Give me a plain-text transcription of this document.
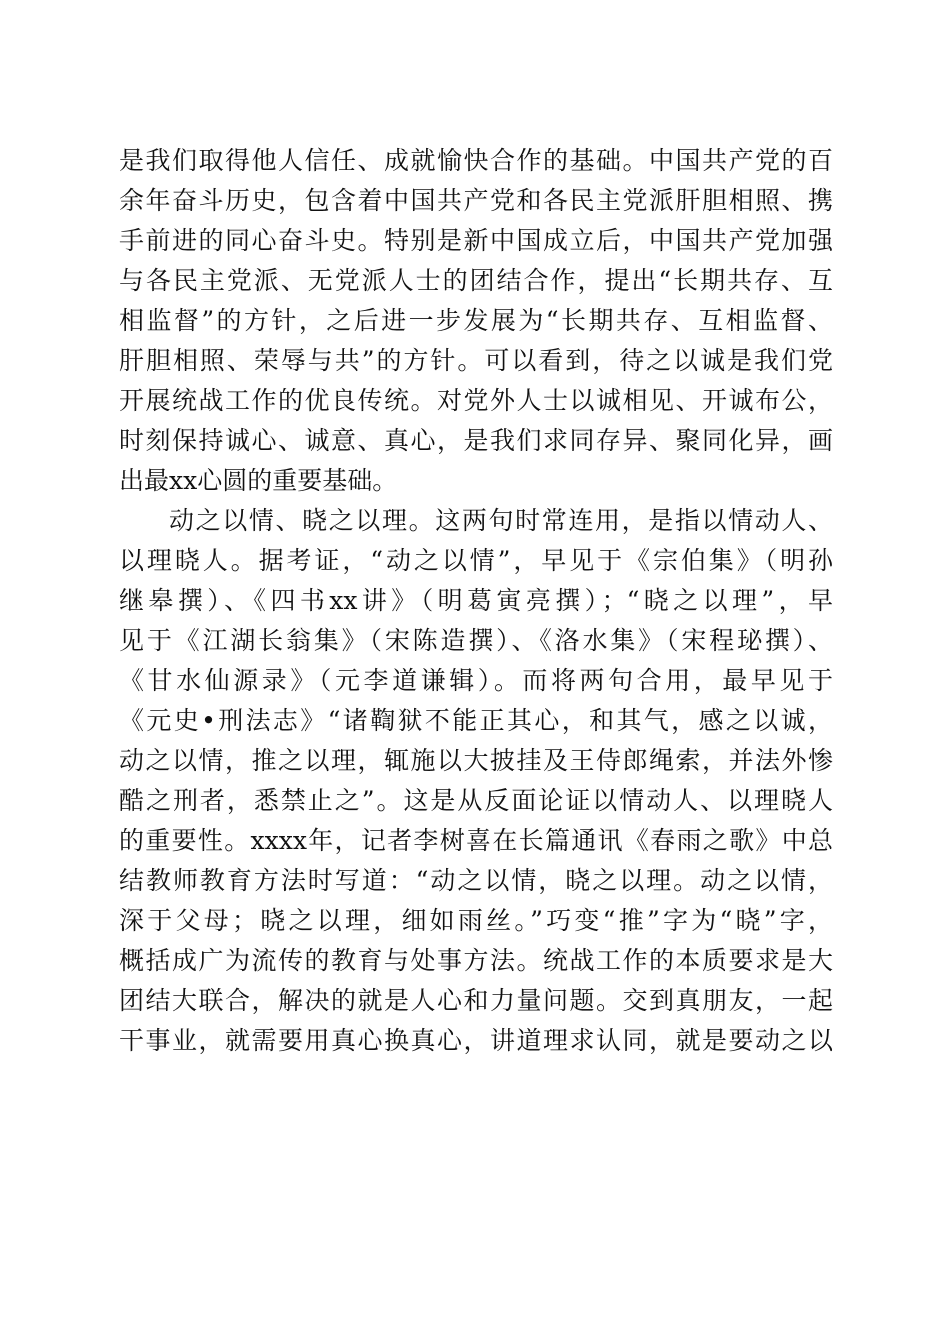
是我们取得他人信任、成就愉快合作的基础。中国共产党的百
余年奋斗历史，包含着中国共产党和各民主党派肝胆相照、携
手前进的同心奋斗史。特别是新中国成立后，中国共产党加强
与各民主党派、无党派人士的团结合作，提出“长期共存、互
相监督”的方针，之后进一步发展为“长期共存、互相监督、
肝胆相照、荣辱与共”的方针。可以看到，待之以诚是我们党
开展统战工作的优良传统。对党外人士以诚相见、开诚布公，
时刻保持诚心、诚意、真心，是我们求同存异、聚同化异，画
出最xx心圆的重要基础。
动之以情、晓之以理。这两句时常连用，是指以情动人、
以理晓人。据考证，“动之以情”，早见于《宗伯集》（明孙
继皋撰）、《四书xx讲》（明葛寅亮撰）；“晓之以理”，早
见于《江湖长翁集》（宋陈造撰）、《洛水集》（宋程珌撰）、
《甘水仙源录》（元李道谦辑）。而将两句合用，最早见于
《元史•刑法志》“诸鞫狱不能正其心，和其气，感之以诚，
动之以情，推之以理，辄施以大披挂及王侍郎绳索，并法外惨
酷之刑者，悉禁止之”。这是从反面论证以情动人、以理晓人
的重要性。xxxx年，记者李树喜在长篇通讯《春雨之歌》中总
结教师教育方法时写道：“动之以情，晓之以理。动之以情，
深于父母；晓之以理，细如雨丝。”巧变“推”字为“晓”字，
概括成广为流传的教育与处事方法。统战工作的本质要求是大
团结大联合，解决的就是人心和力量问题。交到真朋友，一起
干事业，就需要用真心换真心，讲道理求认同，就是要动之以
